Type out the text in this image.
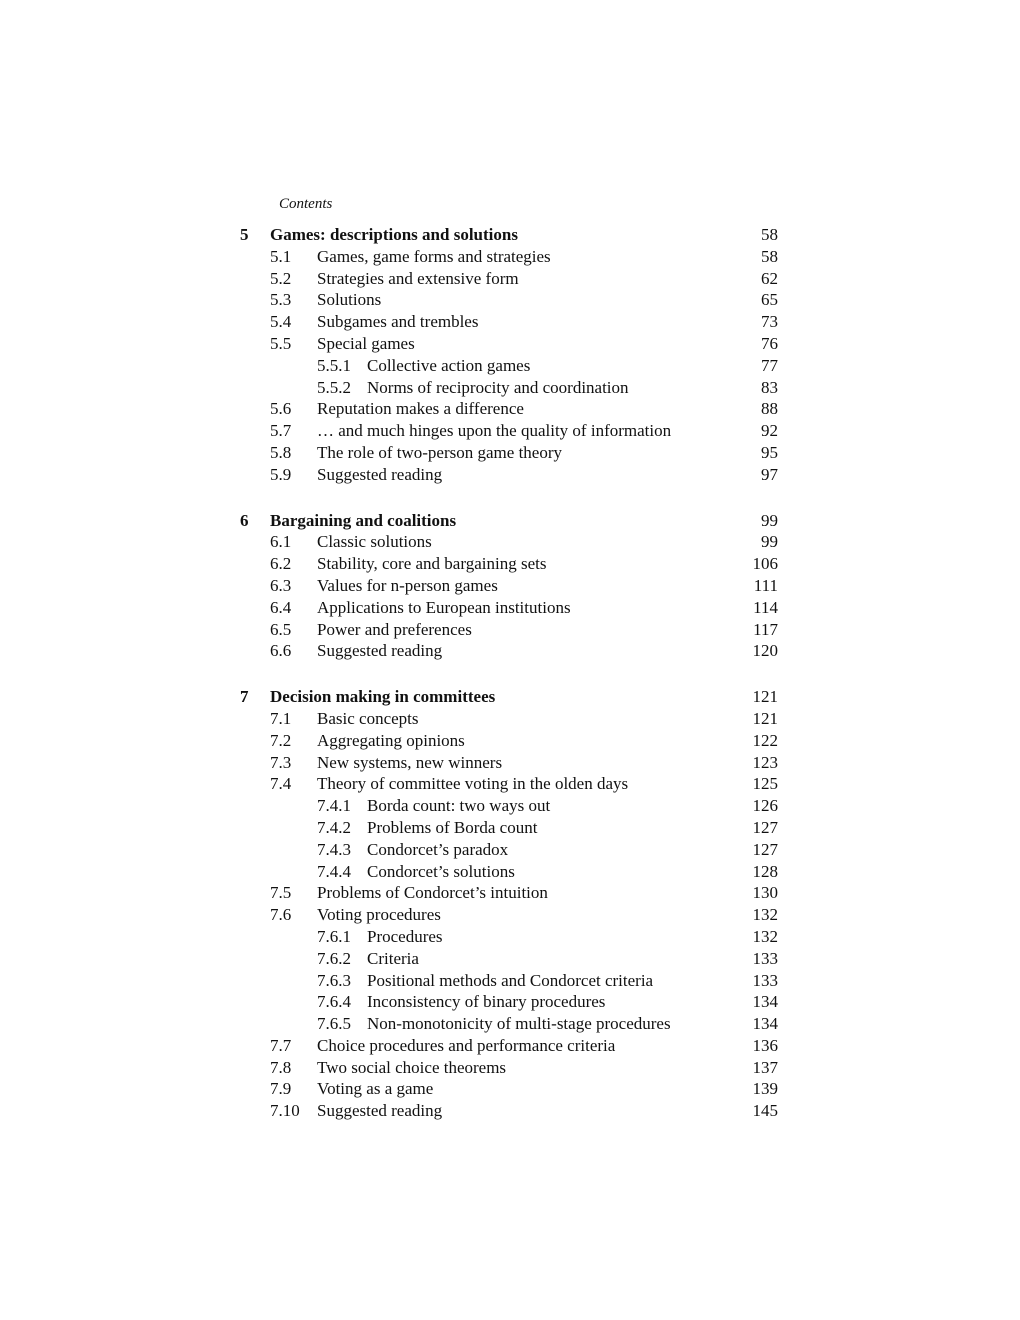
Contents
5 Games: descriptions and solutions	58
5.1 Games, game forms and strategies	58
5.2 Strategies and extensive form	62
5.3 Solutions	65
5.4 Subgames and trembles	73
5.5 Special games	76
5.5.1 Collective action games	77
5.5.2 Norms of reciprocity and coordination	83
5.6 Reputation makes a difference	88
5.7 … and much hinges upon the quality of information	92
5.8 The role of two-person game theory	95
5.9 Suggested reading	97
6 Bargaining and coalitions	99
6.1 Classic solutions	99
6.2 Stability, core and bargaining sets	106
6.3 Values for n-person games	111
6.4 Applications to European institutions	114
6.5 Power and preferences	117
6.6 Suggested reading	120
7 Decision making in committees	121
7.1 Basic concepts	121
7.2 Aggregating opinions	122
7.3 New systems, new winners	123
7.4 Theory of committee voting in the olden days	125
7.4.1 Borda count: two ways out	126
7.4.2 Problems of Borda count	127
7.4.3 Condorcet’s paradox	127
7.4.4 Condorcet’s solutions	128
7.5 Problems of Condorcet’s intuition	130
7.6 Voting procedures	132
7.6.1 Procedures	132
7.6.2 Criteria	133
7.6.3 Positional methods and Condorcet criteria	133
7.6.4 Inconsistency of binary procedures	134
7.6.5 Non-monotonicity of multi-stage procedures	134
7.7 Choice procedures and performance criteria	136
7.8 Two social choice theorems	137
7.9 Voting as a game	139
7.10 Suggested reading	145
